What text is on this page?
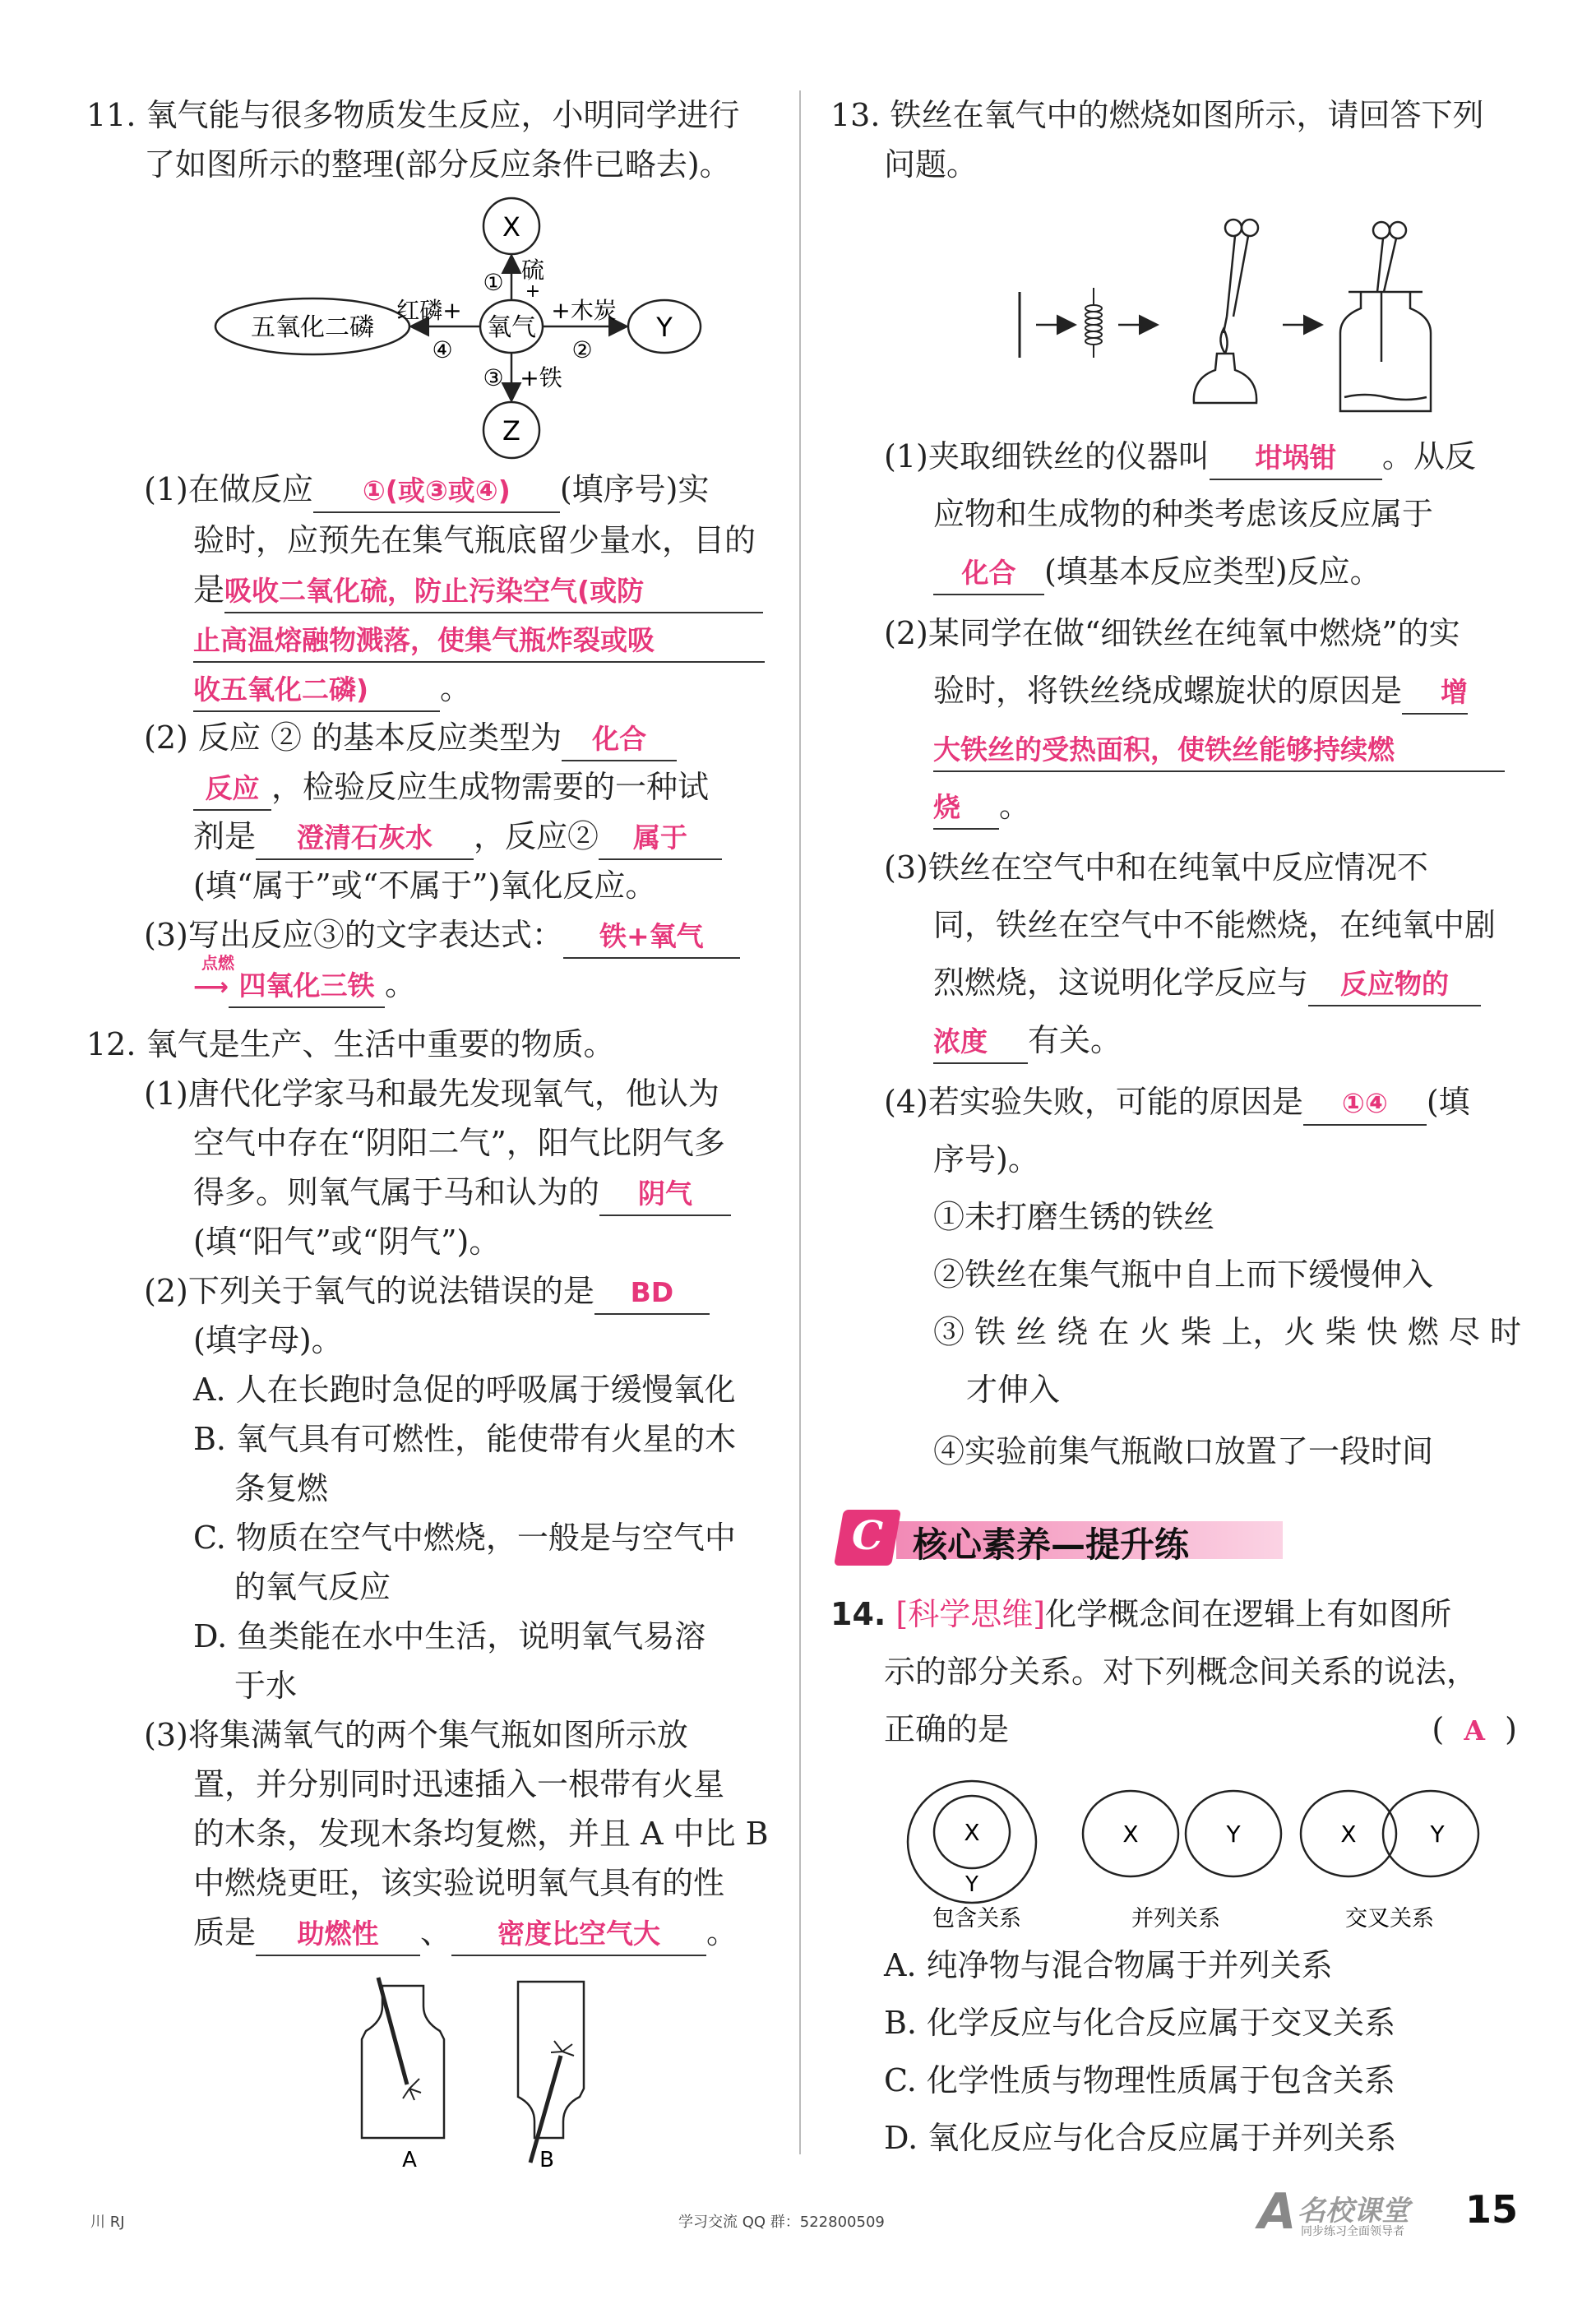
11. 氧气能与很多物质发生反应，小明同学进行
了如图所示的整理(部分反应条件已略去)。
X
氧气
Z
Y
五氧化二磷
① 硫
+
红磷+
④
+木炭
②
③ +铁
(1)在做反应 ①(或③或④) (填序号)实
验时，应预先在集气瓶底留少量水，目的
是吸收二氧化硫，防止污染空气(或防
止高温熔融物溅落，使集气瓶炸裂或吸
收五氧化二磷) 。
(2) 反应 ② 的基本反应类型为 化合
反应 ，检验反应生成物需要的一种试
剂是 澄清石灰水 ，反应② 属于
(填“属于”或“不属于”)氧化反应。
(3)写出反应③的文字表达式： 铁+氧气
点燃
⟶ 四氧化三铁 。
12. 氧气是生产、生活中重要的物质。
(1)唐代化学家马和最先发现氧气，他认为
空气中存在“阴阳二气”，阳气比阴气多
得多。则氧气属于马和认为的 阴气
(填“阳气”或“阴气”)。
(2)下列关于氧气的说法错误的是 BD
(填字母)。
A. 人在长跑时急促的呼吸属于缓慢氧化
B. 氧气具有可燃性，能使带有火星的木
条复燃
C. 物质在空气中燃烧，一般是与空气中
的氧气反应
D. 鱼类能在水中生活，说明氧气易溶
于水
(3)将集满氧气的两个集气瓶如图所示放
置，并分别同时迅速插入一根带有火星
的木条，发现木条均复燃，并且 A 中比 B
中燃烧更旺，该实验说明氧气具有的性
质是 助燃性 、 密度比空气大 。
A	B
13. 铁丝在氧气中的燃烧如图所示，请回答下列
问题。
(1)夹取细铁丝的仪器叫 坩埚钳 。从反
应物和生成物的种类考虑该反应属于
化合 (填基本反应类型)反应。
(2)某同学在做“细铁丝在纯氧中燃烧”的实
验时，将铁丝绕成螺旋状的原因是 增
大铁丝的受热面积，使铁丝能够持续燃
烧 。
(3)铁丝在空气中和在纯氧中反应情况不
同，铁丝在空气中不能燃烧，在纯氧中剧
烈燃烧，这说明化学反应与 反应物的
浓度 有关。
(4)若实验失败，可能的原因是 ①④ (填
序号)。
①未打磨生锈的铁丝
②铁丝在集气瓶中自上而下缓慢伸入
③ 铁 丝 绕 在 火 柴 上，火 柴 快 燃 尽 时
才伸入
④实验前集气瓶敞口放置了一段时间
C 核心素养—提升练
14. [科学思维]化学概念间在逻辑上有如图所
示的部分关系。对下列概念间关系的说法，
正确的是	( A )
X
Y
包含关系
X	Y
并列关系
X	Y
交叉关系
A. 纯净物与混合物属于并列关系
B. 化学反应与化合反应属于交叉关系
C. 化学性质与物理性质属于包含关系
D. 氧化反应与化合反应属于并列关系
川 RJ	学习交流 QQ 群：522800509	A 名校课堂
同步练习全面领导者 15
